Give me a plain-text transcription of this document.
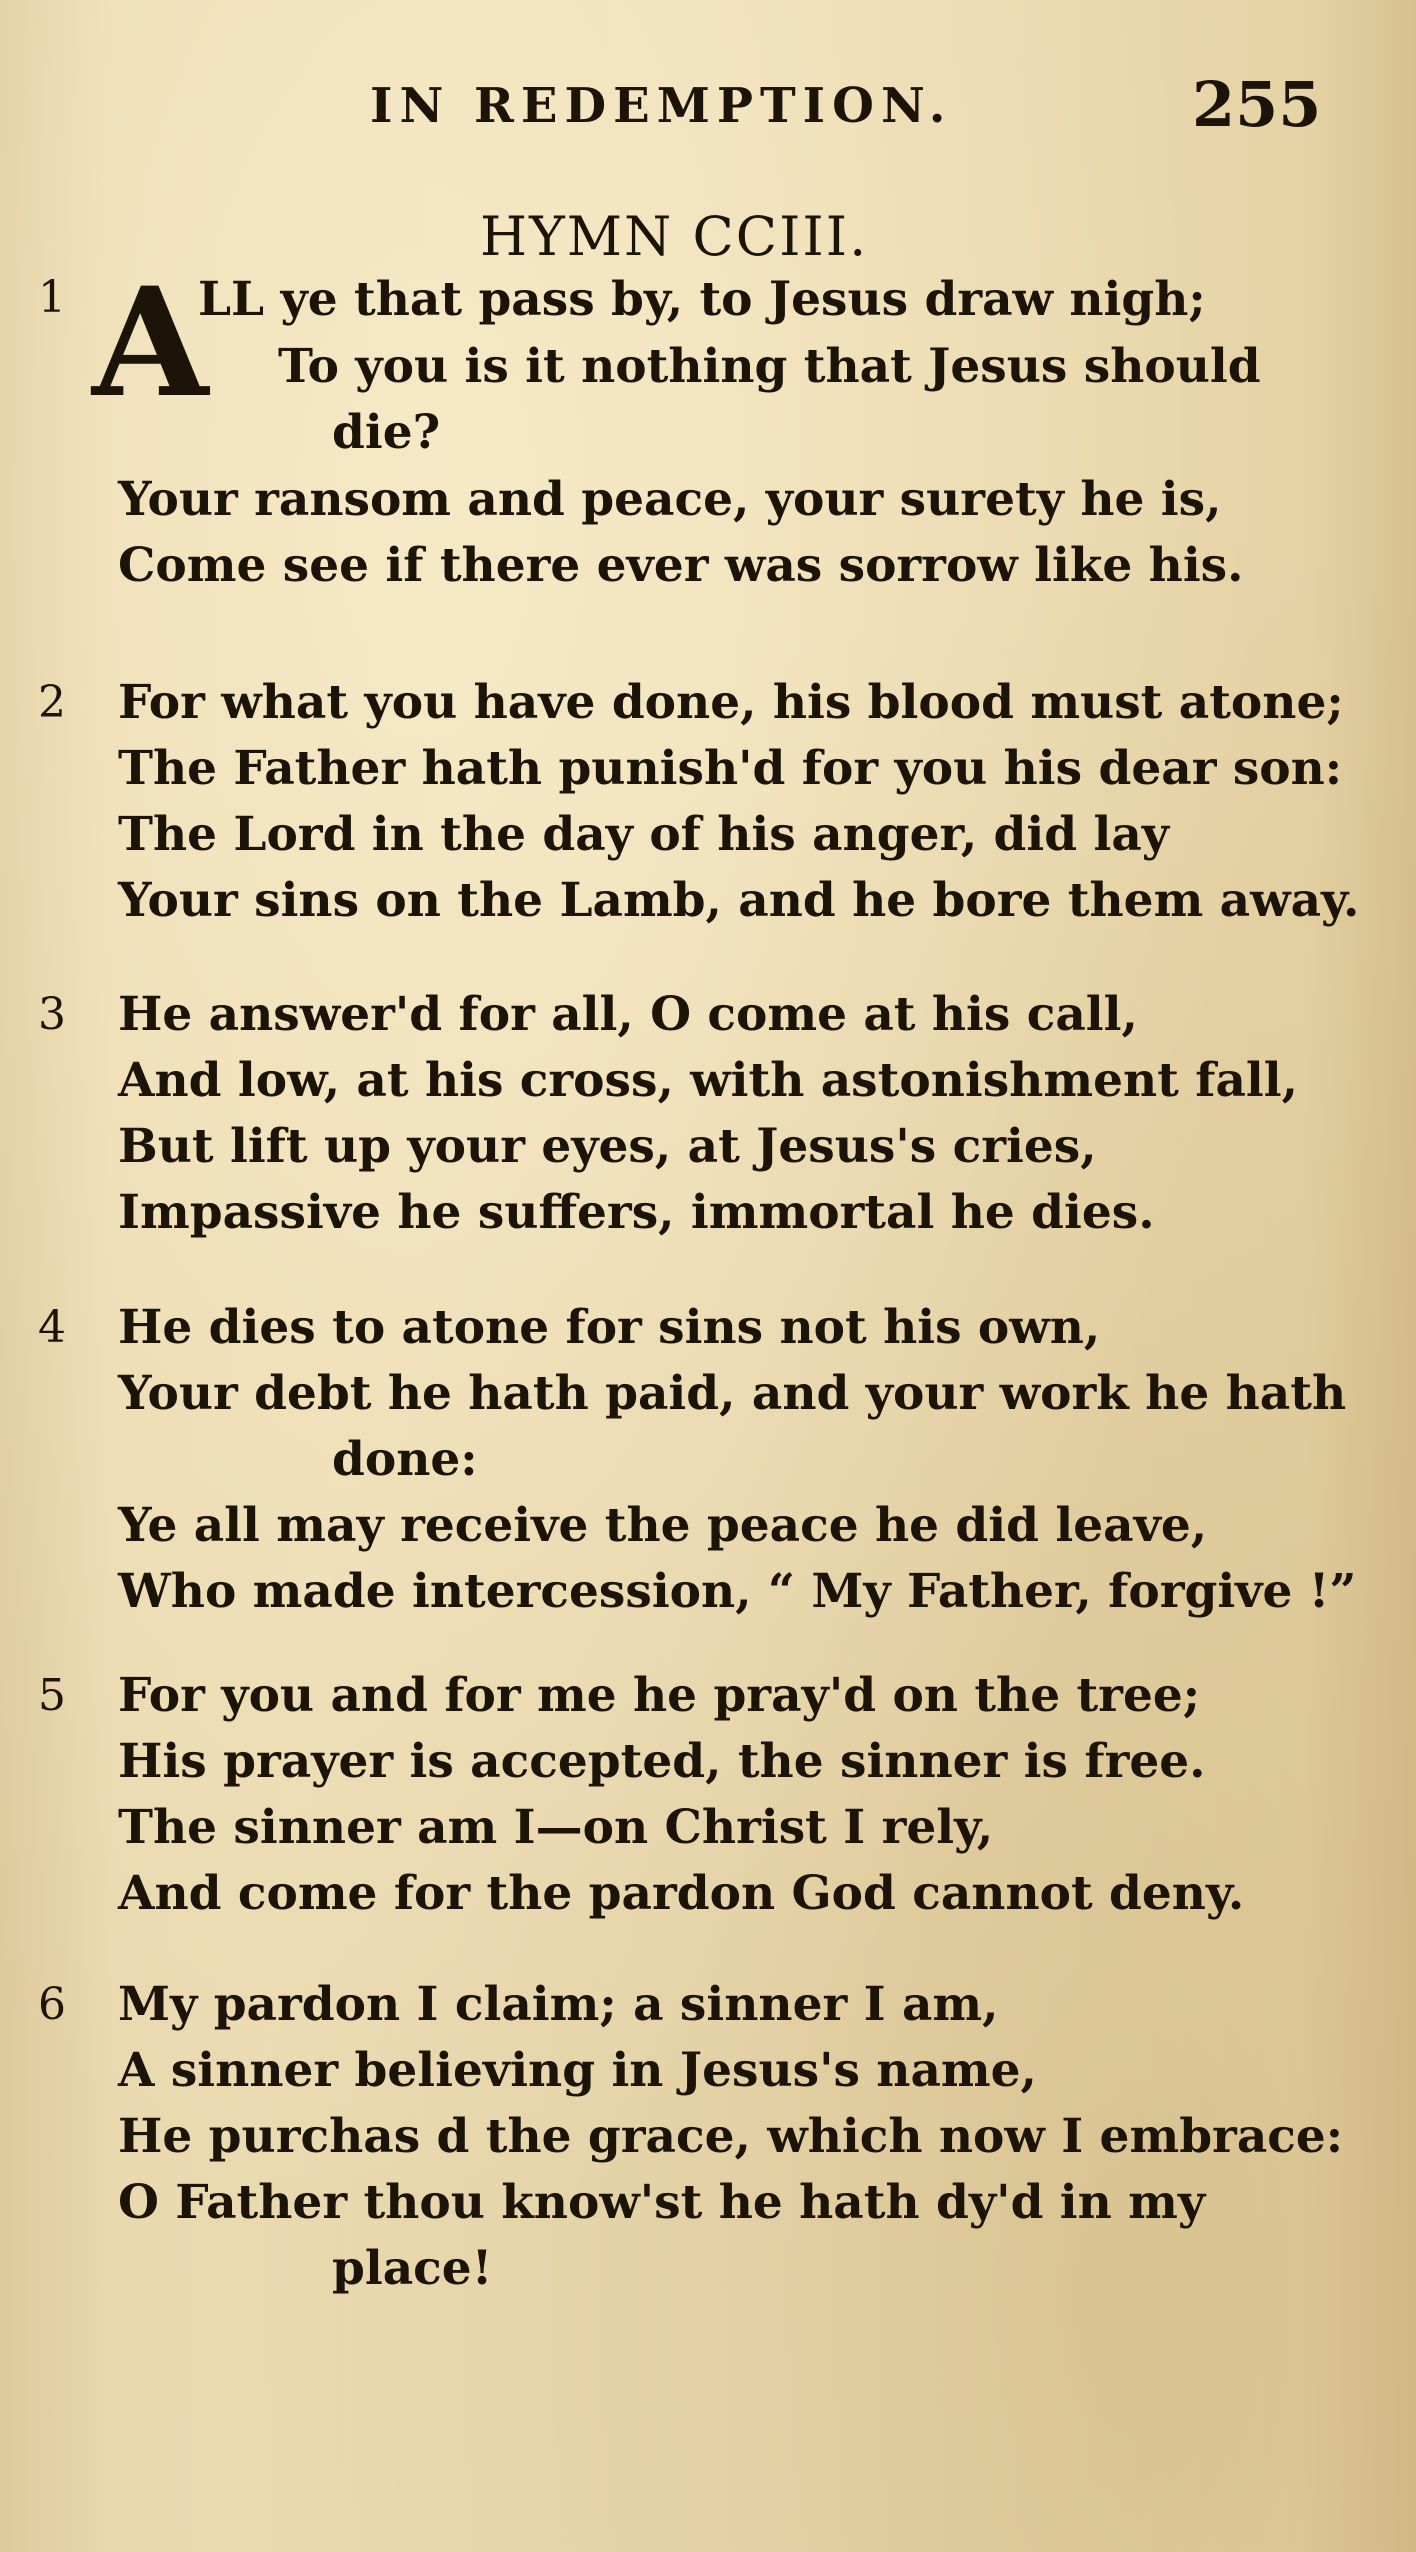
IN REDEMPTION.	255
HYMN CCIII.
1 A
LL ye that pass by, to Jesus draw nigh;
To you is it nothing that Jesus should
die?
Your ransom and peace, your surety he is,
Come see if there ever was sorrow like his.
2 For what you have done, his blood must atone;
The Father hath punish'd for you his dear son:
The Lord in the day of his anger, did lay
Your sins on the Lamb, and he bore them away.
3 He answer'd for all, O come at his call,
And low, at his cross, with astonishment fall,
But lift up your eyes, at Jesus's cries,
Impassive he suffers, immortal he dies.
4 He dies to atone for sins not his own,
Your debt he hath paid, and your work he hath
done:
Ye all may receive the peace he did leave,
Who made intercession, “ My Father, forgive !”
5 For you and for me he pray'd on the tree;
His prayer is accepted, the sinner is free.
The sinner am I—on Christ I rely,
And come for the pardon God cannot deny.
6 My pardon I claim; a sinner I am,
A sinner believing in Jesus's name,
He purchas d the grace, which now I embrace:
O Father thou know'st he hath dy'd in my
place!
